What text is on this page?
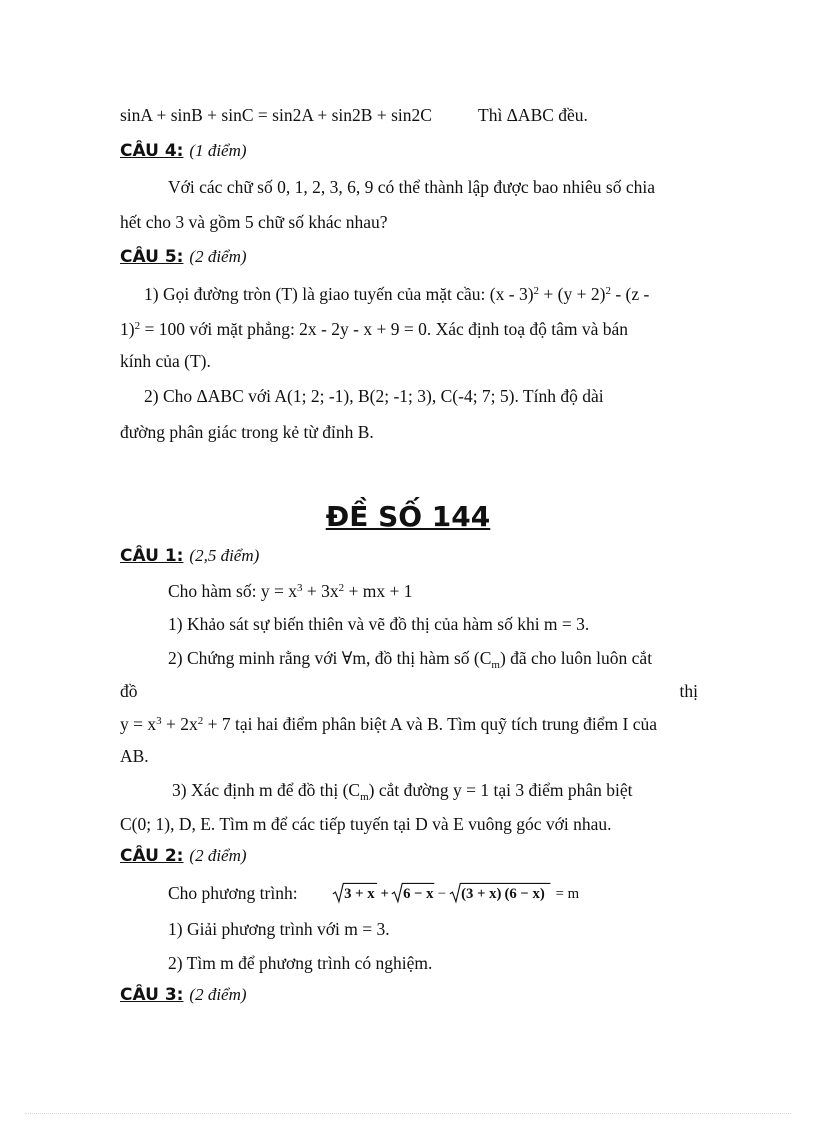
sinA + sinB + sinC = sin2A + sin2B + sin2C	Thì ΔABC đều.
CÂU 4: (1 điểm)
Với các chữ số 0, 1, 2, 3, 6, 9 có thể thành lập được bao nhiêu số chia
hết cho 3 và gồm 5 chữ số khác nhau?
CÂU 5: (2 điểm)
1) Gọi đường tròn (T) là giao tuyến của mặt cầu: $(x - 3)^2 + (y + 2)^2 - (z$ -
1)$^2$ = 100 với mặt phẳng: 2x - 2y - x + 9 = 0. Xác định toạ độ tâm và bán
kính của (T).
2) Cho ΔABC với A(1; 2; -1), B(2; -1; 3), C(-4; 7; 5). Tính độ dài
đường phân giác trong kẻ từ đỉnh B.
ĐỀ SỐ 144
CÂU 1: (2,5 điểm)
Cho hàm số: $y = x^3 + 3x^2$ + mx + 1
1) Khảo sát sự biến thiên và vẽ đồ thị của hàm số khi m = 3.
2) Chứng minh rằng với ∀m, đồ thị hàm số $(C_m)$ đã cho luôn luôn cắt
đồ	thị
$y = x^3 + 2x^2 + 7$ tại hai điểm phân biệt A và B. Tìm quỹ tích trung điểm I của
AB.
3) Xác định m để đồ thị $(C_m)$ cắt đường y = 1 tại 3 điểm phân biệt
C(0; 1), D, E. Tìm m để các tiếp tuyến tại D và E vuông góc với nhau.
CÂU 2: (2 điểm)
Cho phương trình:	3 + x + 6 − x − (3 + x) (6 − x) = m
1) Giải phương trình với m = 3.
2) Tìm m để phương trình có nghiệm.
CÂU 3: (2 điểm)
